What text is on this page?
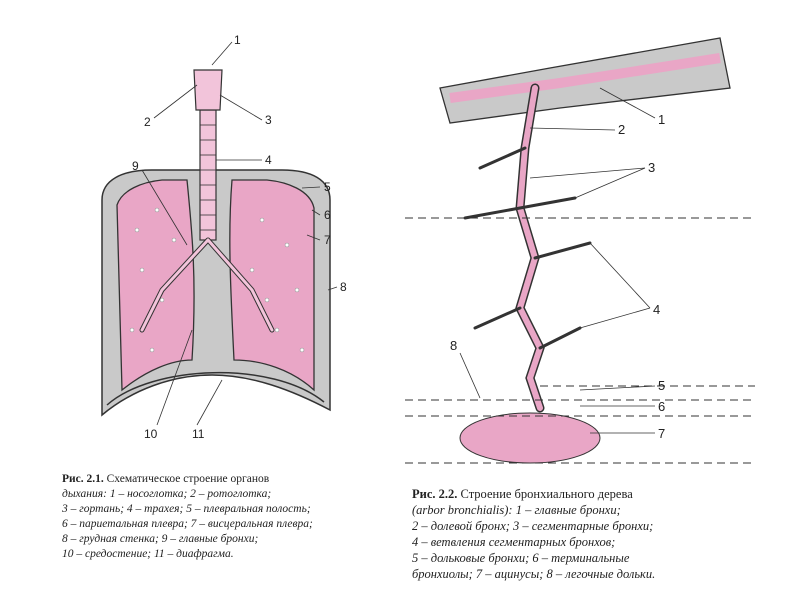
1
2	3
4
5
6
7
8
9
10	11
Рис. 2.1. Схематическое строение органов
дыхания: 1 – носоглотка; 2 – ротоглотка;
3 – гортань; 4 – трахея; 5 – плевральная полость;
6 – париетальная плевра; 7 – висцеральная плевра;
8 – грудная стенка; 9 – главные бронхи;
10 – средостение; 11 – диафрагма.
1
2
3
4
5
6
7
8
Рис. 2.2. Строение бронхиального дерева
(arbor bronchialis): 1 – главные бронхи;
2 – долевой бронх; 3 – сегментарные бронхи;
4 – ветвления сегментарных бронхов;
5 – дольковые бронхи; 6 – терминальные
бронхиолы; 7 – ацинусы; 8 – легочные дольки.
